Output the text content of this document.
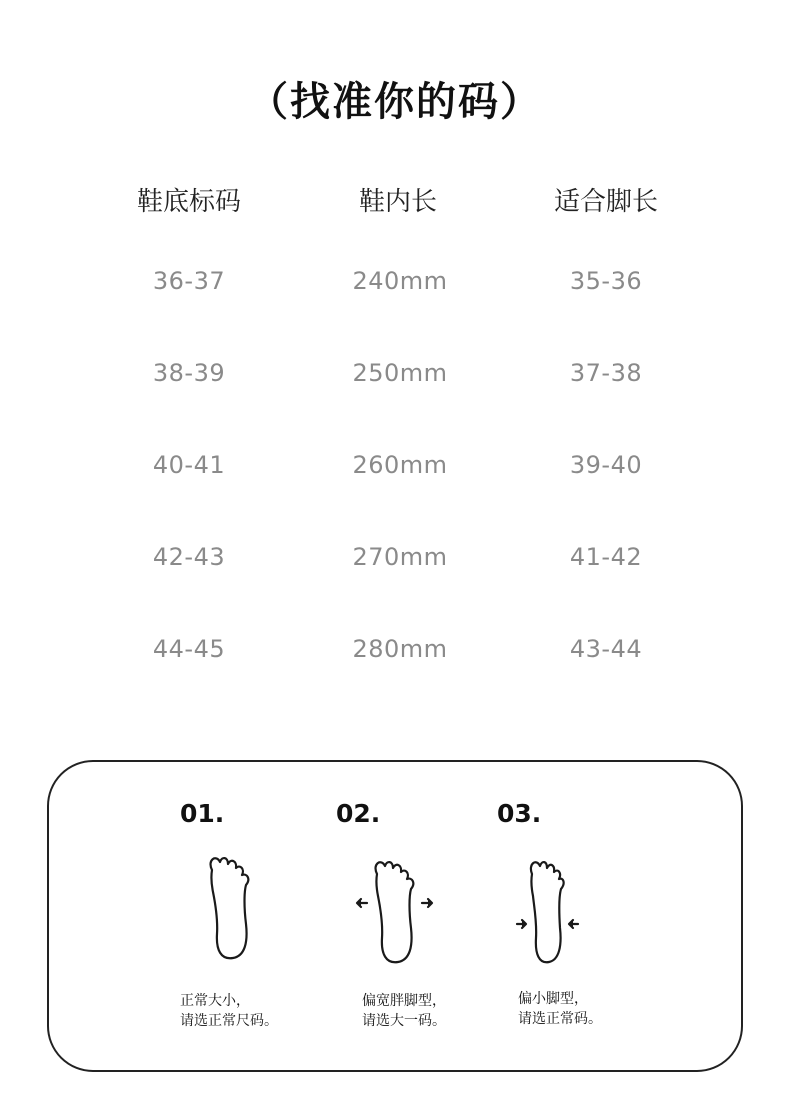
（找准你的码）
鞋底标码	鞋内长	适合脚长
36-37	240mm	35-36
38-39	250mm	37-38
40-41	260mm	39-40
42-43	270mm	41-42
44-45	280mm	43-44
01.
正常大小，
请选正常尺码。
02.
偏宽胖脚型，
请选大一码。
03.
偏小脚型，
请选正常码。
